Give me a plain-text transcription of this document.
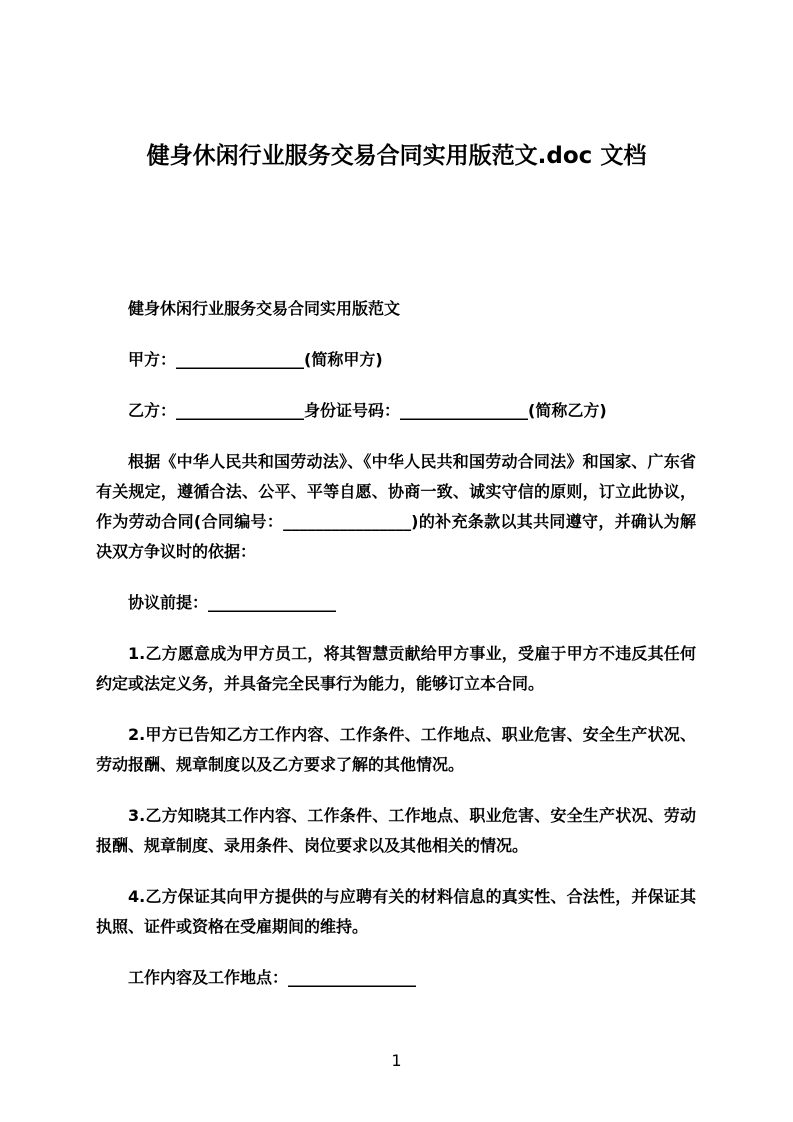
健身休闲行业服务交易合同实用版范文.doc 文档

健身休闲行业服务交易合同实用版范文

甲方：________________(简称甲方)

乙方：________________身份证号码：________________(简称乙方)

根据《中华人民共和国劳动法》、《中华人民共和国劳动合同法》和国家、广东省有关规定，遵循合法、公平、平等自愿、协商一致、诚实守信的原则，订立此协议，作为劳动合同(合同编号：________________)的补充条款以其共同遵守，并确认为解决双方争议时的依据：

协议前提：________________

1.乙方愿意成为甲方员工，将其智慧贡献给甲方事业，受雇于甲方不违反其任何约定或法定义务，并具备完全民事行为能力，能够订立本合同。

2.甲方已告知乙方工作内容、工作条件、工作地点、职业危害、安全生产状况、劳动报酬、规章制度以及乙方要求了解的其他情况。

3.乙方知晓其工作内容、工作条件、工作地点、职业危害、安全生产状况、劳动报酬、规章制度、录用条件、岗位要求以及其他相关的情况。

4.乙方保证其向甲方提供的与应聘有关的材料信息的真实性、合法性，并保证其执照、证件或资格在受雇期间的维持。

工作内容及工作地点：________________

1
